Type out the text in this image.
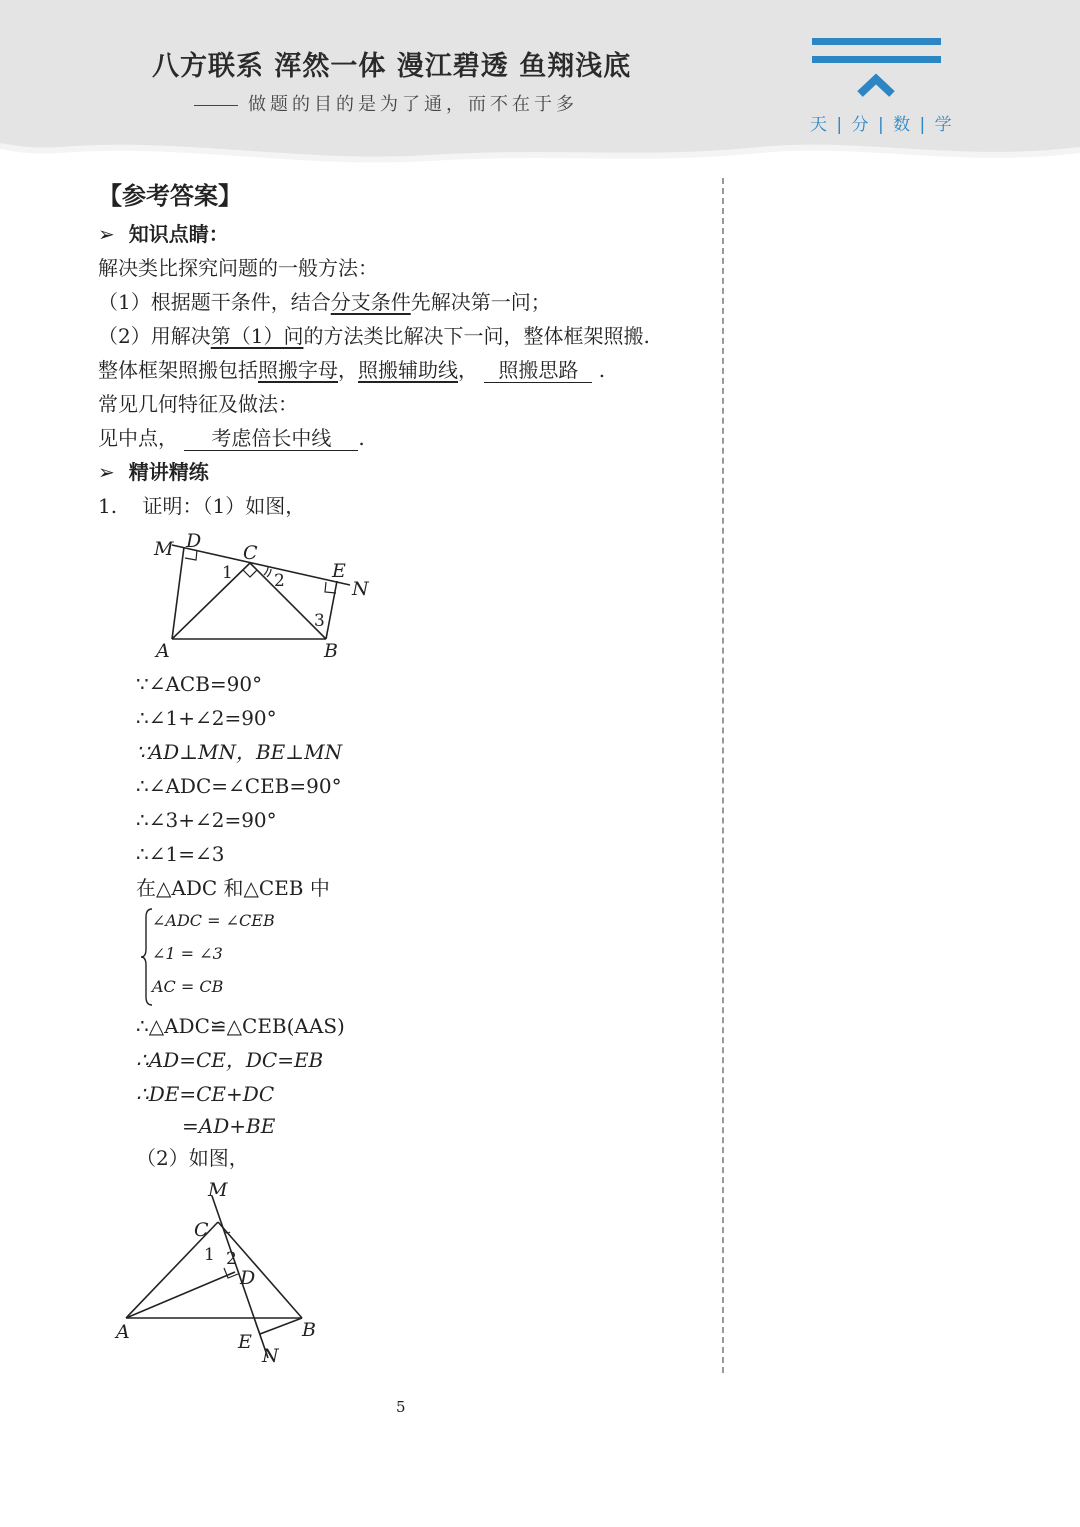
八方联系 浑然一体 漫江碧透 鱼翔浅底
做题的目的是为了通，而不在于多
天 | 分 | 数 | 学
【参考答案】
➢ 知识点睛：
解决类比探究问题的一般方法：
（1）根据题干条件，结合分支条件先解决第一问；
（2）用解决第（1）问的方法类比解决下一问，整体框架照搬.
整体框架照搬包括照搬字母，照搬辅助线， 照搬思路 .
常见几何特征及做法：
见中点， 考虑倍长中线 .
➢ 精讲精练
1. 证明：（1）如图，
M D
C
E
N
A	B
1 2
3
∵∠ACB=90°
∴∠1+∠2=90°
∵AD⊥MN，BE⊥MN
∴∠ADC=∠CEB=90°
∴∠3+∠2=90°
∴∠1=∠3
在△ADC 和△CEB 中
∠ADC = ∠CEB
∠1 = ∠3
AC = CB
∴△ADC≌△CEB(AAS)
∴AD=CE，DC=EB
∴DE=CE+DC
=AD+BE
（2）如图，
M
C
D
A	E
B
N
1 2
5
